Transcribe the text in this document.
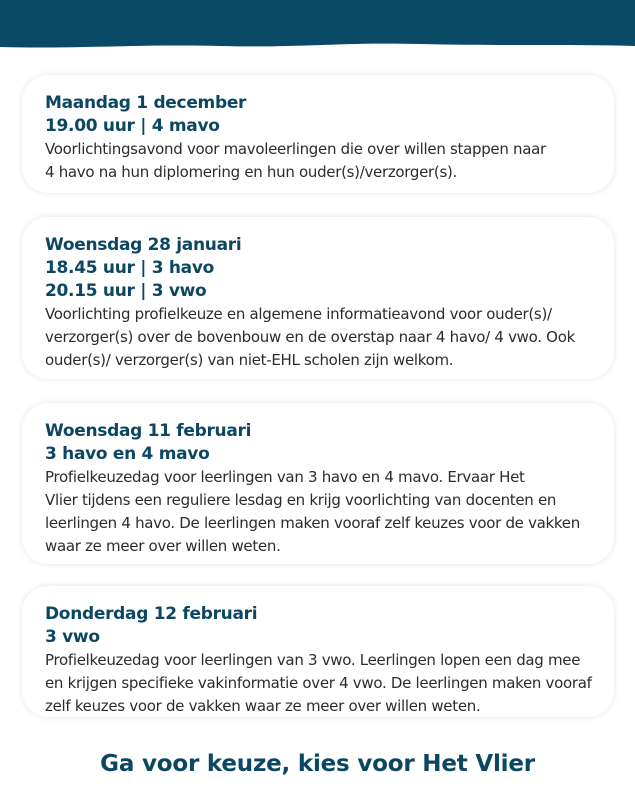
Maandag 1 december
19.00 uur | 4 mavo

Voorlichtingsavond voor mavoleerlingen die over willen stappen naar
4 havo na hun diplomering en hun ouder(s)/verzorger(s).

Woensdag 28 januari
18.45 uur | 3 havo
20.15 uur | 3 vwo

Voorlichting profielkeuze en algemene informatieavond voor ouder(s)/
verzorger(s) over de bovenbouw en de overstap naar 4 havo/ 4 vwo. Ook
ouder(s)/ verzorger(s) van niet-EHL scholen zijn welkom.

Woensdag 11 februari
3 havo en 4 mavo

Profielkeuzedag voor leerlingen van 3 havo en 4 mavo. Ervaar Het
Vlier tijdens een reguliere lesdag en krijg voorlichting van docenten en
leerlingen 4 havo. De leerlingen maken vooraf zelf keuzes voor de vakken
waar ze meer over willen weten.

Donderdag 12 februari
3 vwo

Profielkeuzedag voor leerlingen van 3 vwo. Leerlingen lopen een dag mee
en krijgen specifieke vakinformatie over 4 vwo. De leerlingen maken vooraf
zelf keuzes voor de vakken waar ze meer over willen weten.

Ga voor keuze, kies voor Het Vlier
